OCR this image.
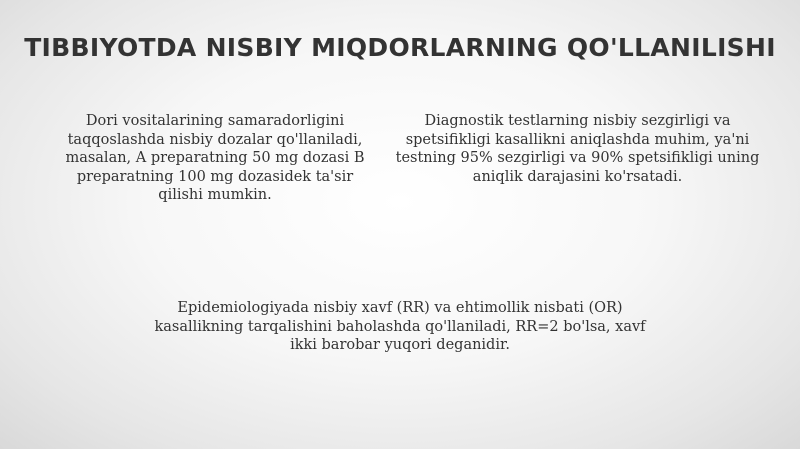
TIBBIYOTDA NISBIY MIQDORLARNING QO'LLANILISHI
Dori vositalarining samaradorligini taqqoslashda nisbiy dozalar qo'llaniladi, masalan, A preparatning 50 mg dozasi B preparatning 100 mg dozasidek ta'sir qilishi mumkin.
Diagnostik testlarning nisbiy sezgirligi va spetsifikligi kasallikni aniqlashda muhim, ya'ni testning 95% sezgirligi va 90% spetsifikligi uning aniqlik darajasini ko'rsatadi.
Epidemiologiyada nisbiy xavf (RR) va ehtimollik nisbati (OR) kasallikning tarqalishini baholashda qo'llaniladi, RR=2 bo'lsa, xavf ikki barobar yuqori deganidir.
